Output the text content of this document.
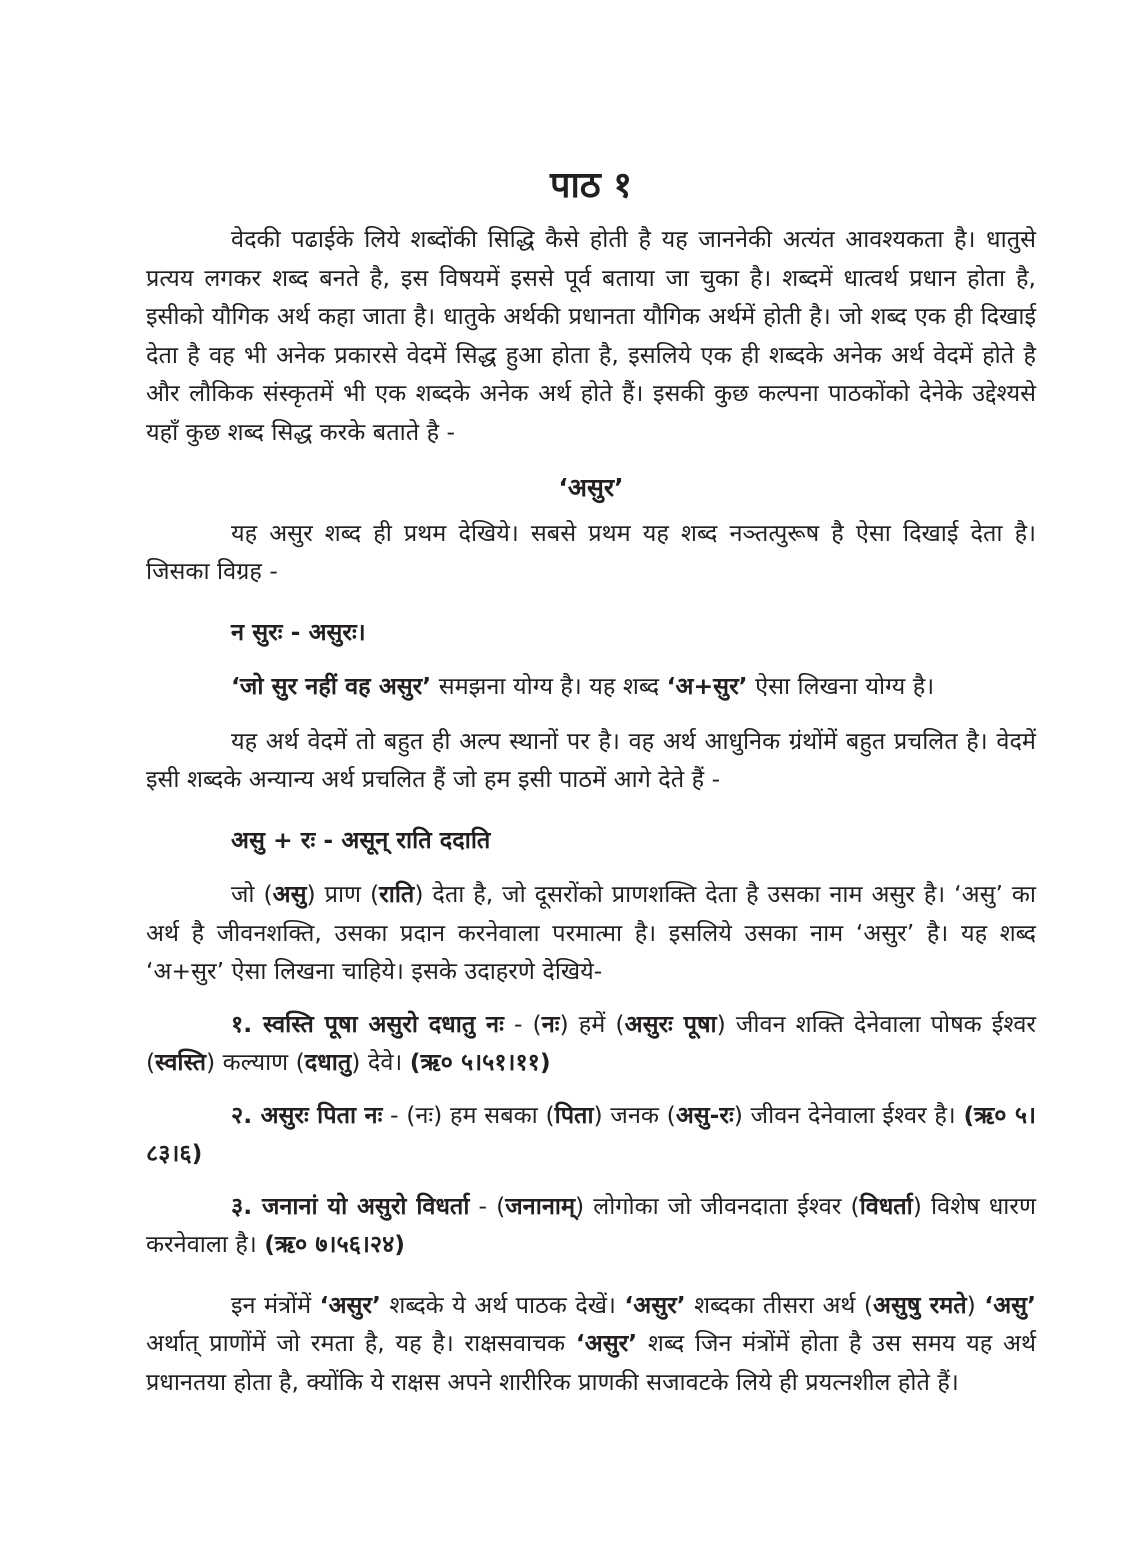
पाठ १

वेदकी पढाईके लिये शब्दोंकी सिद्धि कैसे होती है यह जाननेकी अत्यंत आवश्यकता है। धातुसे प्रत्यय लगकर शब्द बनते है, इस विषयमें इससे पूर्व बताया जा चुका है। शब्दमें धात्वर्थ प्रधान होता है, इसीको यौगिक अर्थ कहा जाता है। धातुके अर्थकी प्रधानता यौगिक अर्थमें होती है। जो शब्द एक ही दिखाई देता है वह भी अनेक प्रकारसे वेदमें सिद्ध हुआ होता है, इसलिये एक ही शब्दके अनेक अर्थ वेदमें होते है और लौकिक संस्कृतमें भी एक शब्दके अनेक अर्थ होते हैं। इसकी कुछ कल्पना पाठकोंको देनेके उद्देश्यसे यहाँ कुछ शब्द सिद्ध करके बताते है -

‘असुर’

यह असुर शब्द ही प्रथम देखिये। सबसे प्रथम यह शब्द नञ्तत्पुरूष है ऐसा दिखाई देता है। जिसका विग्रह -

न सुरः - असुरः।

‘जो सुर नहीं वह असुर’ समझना योग्य है। यह शब्द ‘अ+सुर’ ऐसा लिखना योग्य है।

यह अर्थ वेदमें तो बहुत ही अल्प स्थानों पर है। वह अर्थ आधुनिक ग्रंथोंमें बहुत प्रचलित है। वेदमें इसी शब्दके अन्यान्य अर्थ प्रचलित हैं जो हम इसी पाठमें आगे देते हैं -

असु + रः - असून् राति ददाति

जो (असु) प्राण (राति) देता है, जो दूसरोंको प्राणशक्ति देता है उसका नाम असुर है। ‘असु’ का अर्थ है जीवनशक्ति, उसका प्रदान करनेवाला परमात्मा है। इसलिये उसका नाम ‘असुर’ है। यह शब्द ‘अ+सुर’ ऐसा लिखना चाहिये। इसके उदाहरणे देखिये-

१. स्वस्ति पूषा असुरो दधातु नः - (नः) हमें (असुरः पूषा) जीवन शक्ति देनेवाला पोषक ईश्वर (स्वस्ति) कल्याण (दधातु) देवे। (ऋ० ५।५१।११)

२. असुरः पिता नः - (नः) हम सबका (पिता) जनक (असु-रः) जीवन देनेवाला ईश्वर है। (ऋ० ५।८३।६)

३. जनानां यो असुरो विधर्ता - (जनानाम्) लोगोका जो जीवनदाता ईश्वर (विधर्ता) विशेष धारण करनेवाला है। (ऋ० ७।५६।२४)

इन मंत्रोंमें ‘असुर’ शब्दके ये अर्थ पाठक देखें। ‘असुर’ शब्दका तीसरा अर्थ (असुषु रमते) ‘असु’ अर्थात् प्राणोंमें जो रमता है, यह है। राक्षसवाचक ‘असुर’ शब्द जिन मंत्रोंमें होता है उस समय यह अर्थ प्रधानतया होता है, क्योंकि ये राक्षस अपने शारीरिक प्राणकी सजावटके लिये ही प्रयत्नशील होते हैं।
